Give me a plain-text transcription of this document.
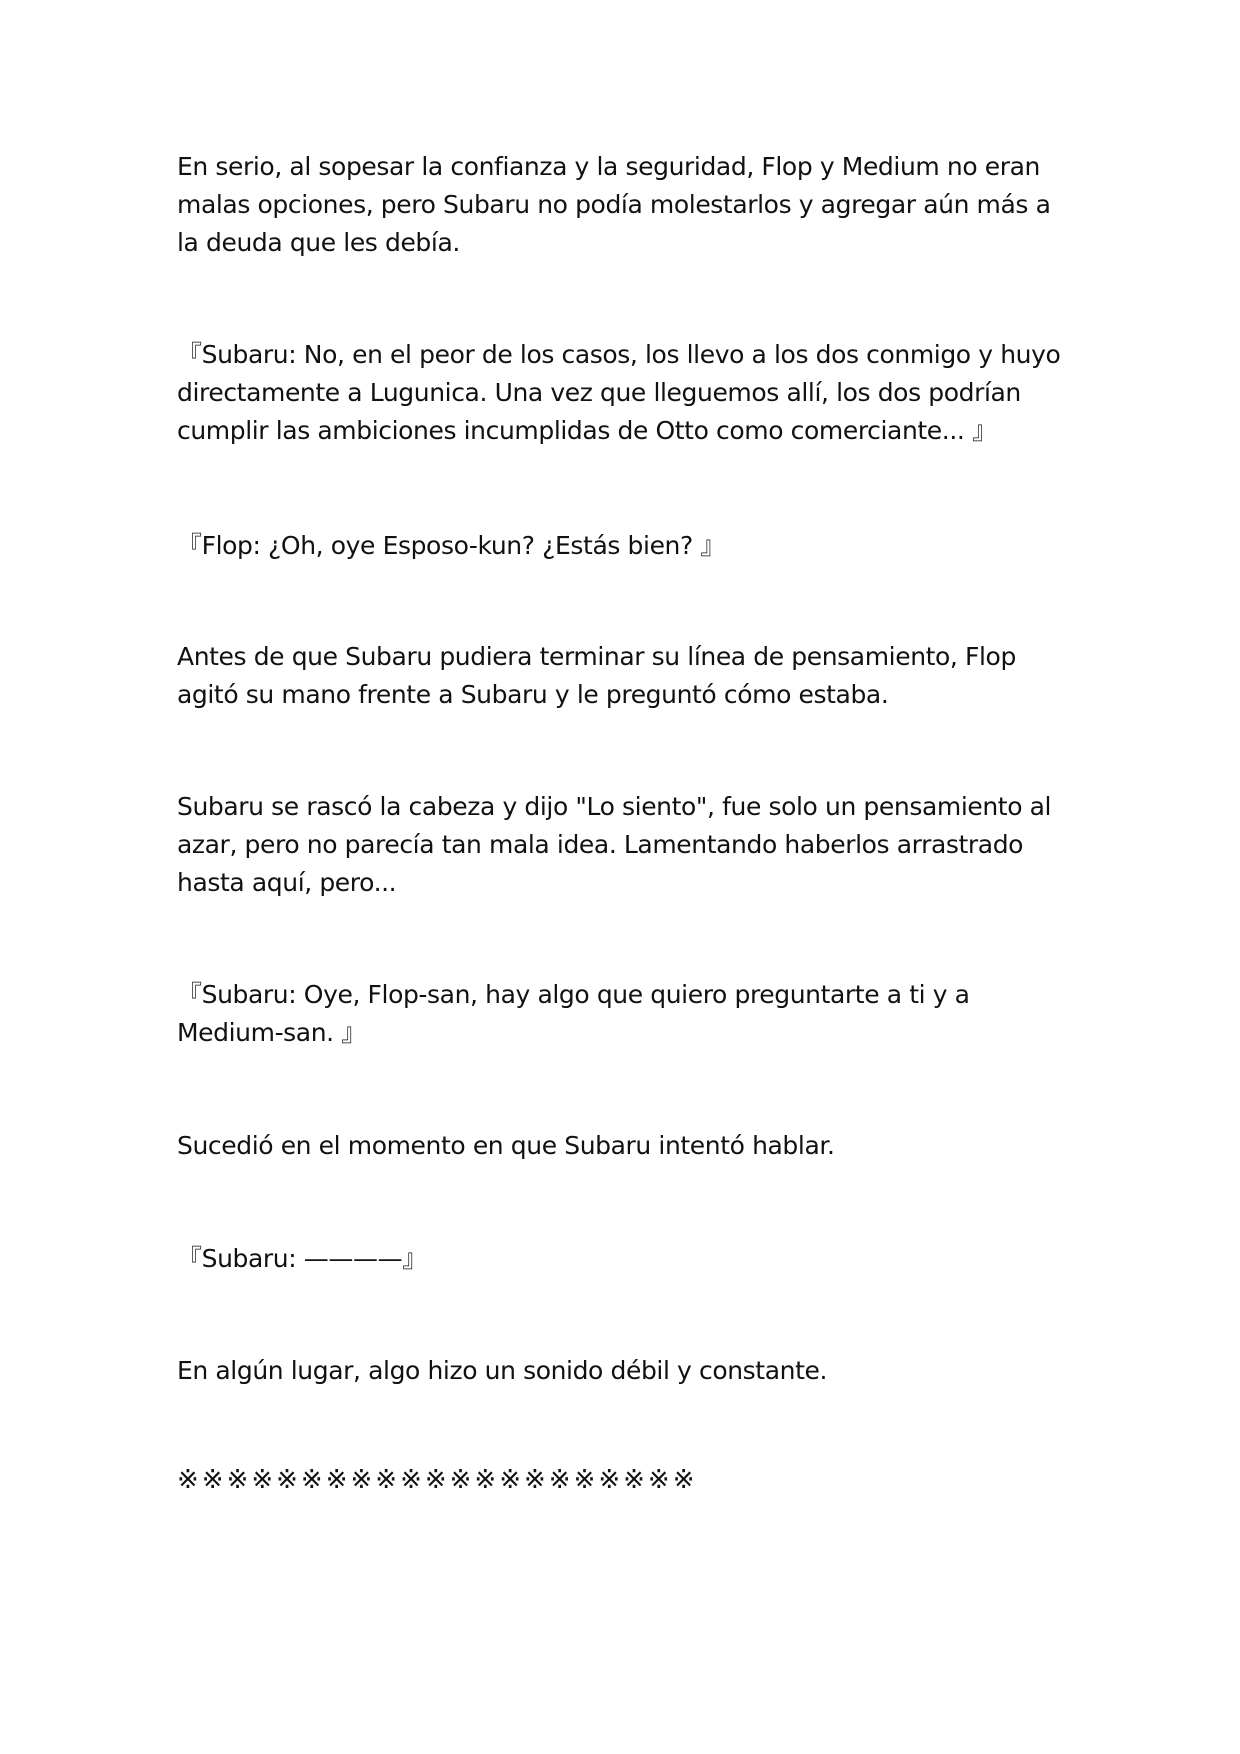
En serio, al sopesar la confianza y la seguridad, Flop y Medium no eran malas opciones, pero Subaru no podía molestarlos y agregar aún más a la deuda que les debía.

『Subaru: No, en el peor de los casos, los llevo a los dos conmigo y huyo directamente a Lugunica. Una vez que lleguemos allí, los dos podrían cumplir las ambiciones incumplidas de Otto como comerciante... 』

『Flop: ¿Oh, oye Esposo-kun? ¿Estás bien? 』

Antes de que Subaru pudiera terminar su línea de pensamiento, Flop agitó su mano frente a Subaru y le preguntó cómo estaba.

Subaru se rascó la cabeza y dijo "Lo siento", fue solo un pensamiento al azar, pero no parecía tan mala idea. Lamentando haberlos arrastrado hasta aquí, pero...

『Subaru: Oye, Flop-san, hay algo que quiero preguntarte a ti y a Medium-san. 』

Sucedió en el momento en que Subaru intentó hablar.

『Subaru: ————』

En algún lugar, algo hizo un sonido débil y constante.

※※※※※※※※※※※※※※※※※※※※※
